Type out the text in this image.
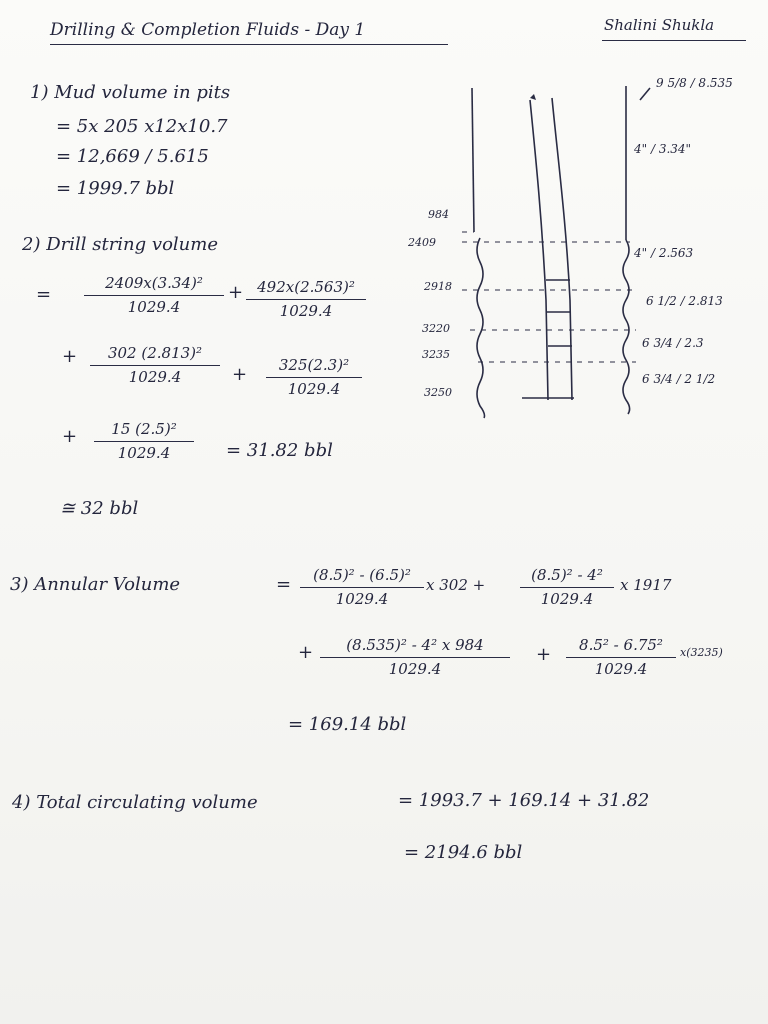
Drilling & Completion Fluids - Day 1	Shalini Shukla
1) Mud volume in pits
= 5x 205 x12x10.7
= 12,669 / 5.615
= 1999.7 bbl
2) Drill string volume
=
2409x(3.34)²
1029.4
+ 492x(2.563)²
1029.4
+	302 (2.813)²
1029.4	+	325(2.3)²
1029.4
+	15 (2.5)²
1029.4	= 31.82 bbl
≅ 32 bbl
984
2409
2918
3220
3235
3250
9 5/8 / 8.535
4" / 3.34"
4" / 2.563
6 1/2 / 2.813
6 3/4 / 2.3
6 3/4 / 2 1/2
3) Annular Volume	=	(8.5)² - (6.5)²
1029.4
x 302 +
(8.5)² - 4²
1029.4
x 1917
+	(8.535)² - 4² x 984
1029.4
+	8.5² - 6.75²
1029.4
x(3235)
= 169.14 bbl
4) Total circulating volume	= 1993.7 + 169.14 + 31.82
= 2194.6 bbl
